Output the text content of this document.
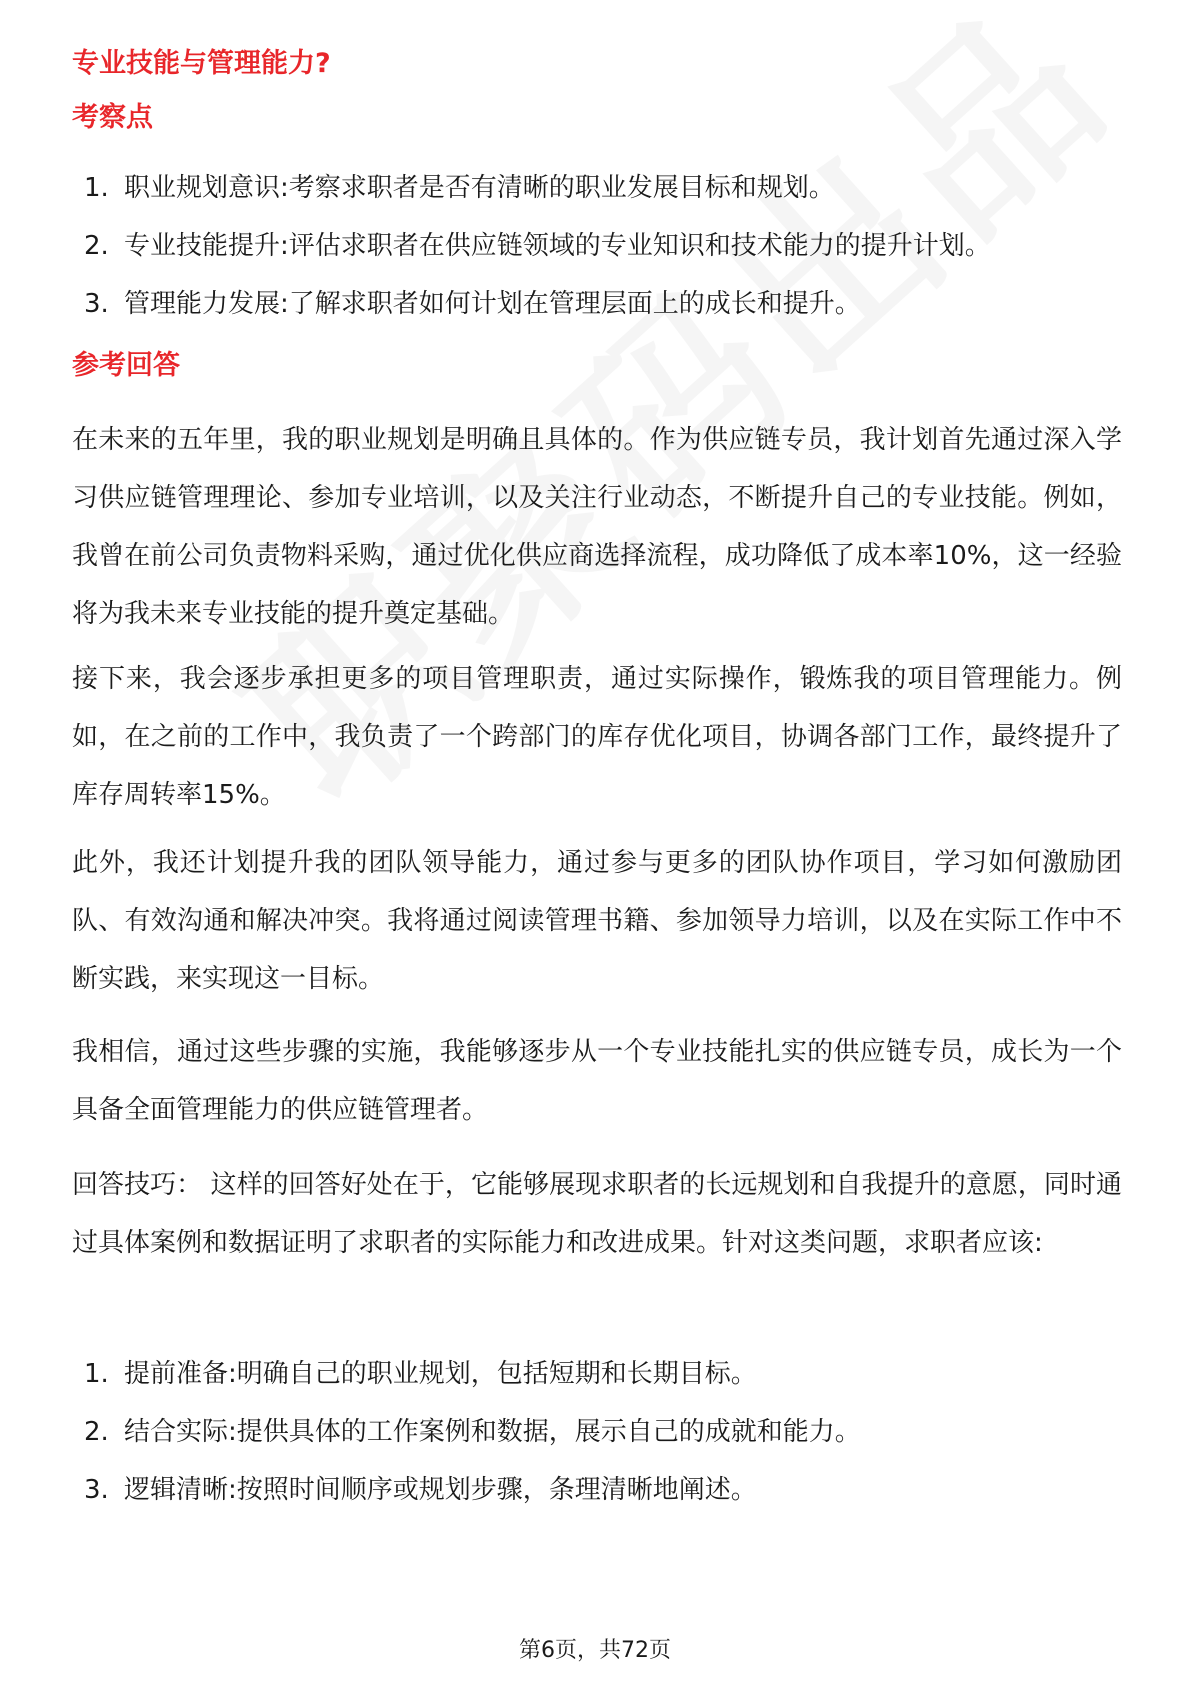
专业技能与管理能力?
考察点
1. 职业规划意识:考察求职者是否有清晰的职业发展目标和规划。
2. 专业技能提升:评估求职者在供应链领域的专业知识和技术能力的提升计划。
3. 管理能力发展:了解求职者如何计划在管理层面上的成长和提升。
参考回答

在未来的五年里，我的职业规划是明确且具体的。作为供应链专员，我计划首先通过深入学习供应链管理理论、参加专业培训，以及关注行业动态，不断提升自己的专业技能。例如，我曾在前公司负责物料采购，通过优化供应商选择流程，成功降低了成本率10%，这一经验将为我未来专业技能的提升奠定基础。

接下来，我会逐步承担更多的项目管理职责，通过实际操作，锻炼我的项目管理能力。例如，在之前的工作中，我负责了一个跨部门的库存优化项目，协调各部门工作，最终提升了库存周转率15%。

此外，我还计划提升我的团队领导能力，通过参与更多的团队协作项目，学习如何激励团队、有效沟通和解决冲突。我将通过阅读管理书籍、参加领导力培训，以及在实际工作中不断实践，来实现这一目标。

我相信，通过这些步骤的实施，我能够逐步从一个专业技能扎实的供应链专员，成长为一个具备全面管理能力的供应链管理者。

回答技巧： 这样的回答好处在于，它能够展现求职者的长远规划和自我提升的意愿，同时通过具体案例和数据证明了求职者的实际能力和改进成果。针对这类问题，求职者应该:

1. 提前准备:明确自己的职业规划，包括短期和长期目标。
2. 结合实际:提供具体的工作案例和数据，展示自己的成就和能力。
3. 逻辑清晰:按照时间顺序或规划步骤，条理清晰地阐述。
第6页，共72页
